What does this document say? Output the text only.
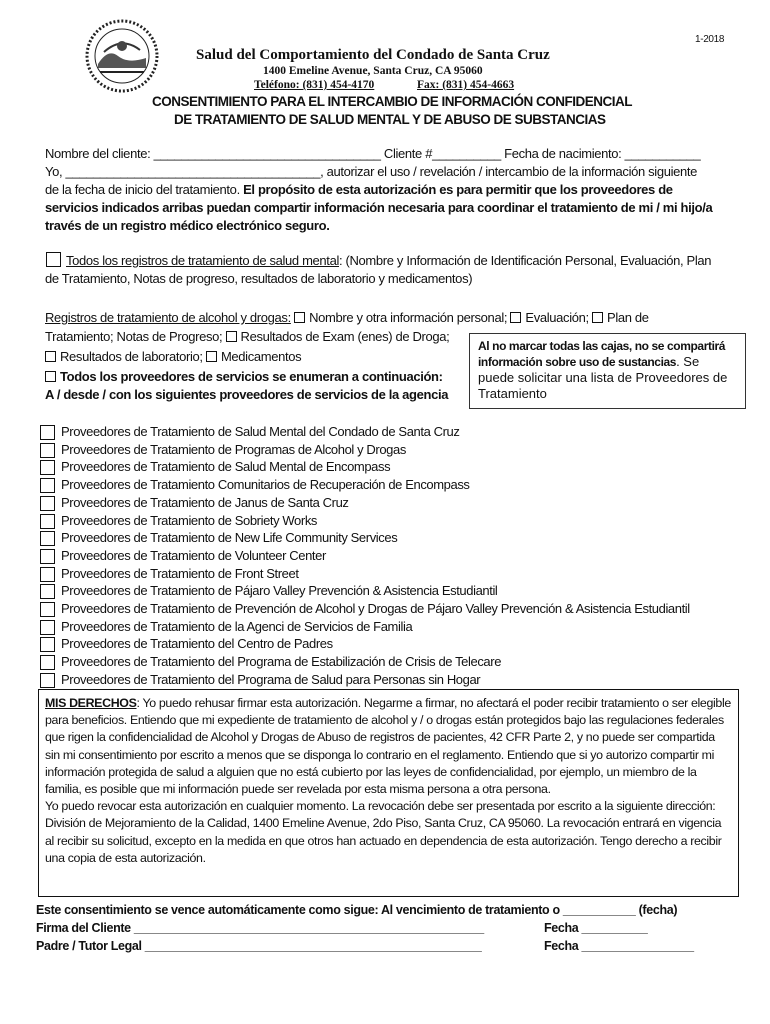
1-2018
Salud del Comportamiento del Condado de Santa Cruz
1400 Emeline Avenue, Santa Cruz, CA 95060
Teléfono: (831) 454-4170	Fax: (831) 454-4663
CONSENTIMIENTO PARA EL INTERCAMBIO DE INFORMACIÓN CONFIDENCIAL
DE TRATAMIENTO DE SALUD MENTAL Y DE ABUSO DE SUBSTANCIAS
Nombre del cliente: _________________________________ Cliente #__________ Fecha de nacimiento: ___________
Yo, _____________________________________, autorizar el uso / revelación / intercambio de la información siguiente
de la fecha de inicio del tratamiento. El propósito de esta autorización es para permitir que los proveedores de
servicios indicados arribas puedan compartir información necesaria para coordinar el tratamiento de mi / mi hijo/a
través de un registro médico electrónico seguro.
Todos los registros de tratamiento de salud mental: (Nombre y Información de Identificación Personal, Evaluación, Plan
de Tratamiento, Notas de progreso, resultados de laboratorio y medicamentos)
Registros de tratamiento de alcohol y drogas: Nombre y otra información personal; Evaluación; Plan de
Tratamiento; Notas de Progreso; Resultados de Exam (enes) de Droga;
Resultados de laboratorio; Medicamentos
Todos los proveedores de servicios se enumeran a continuación:
A / desde / con los siguientes proveedores de servicios de la agencia
Al no marcar todas las cajas, no se compartirá información sobre uso de sustancias. Se puede solicitar una lista de Proveedores de Tratamiento
Proveedores de Tratamiento de Salud Mental del Condado de Santa Cruz
Proveedores de Tratamiento de Programas de Alcohol y Drogas
Proveedores de Tratamiento de Salud Mental de Encompass
Proveedores de Tratamiento Comunitarios de Recuperación de Encompass
Proveedores de Tratamiento de Janus de Santa Cruz
Proveedores de Tratamiento de Sobriety Works
Proveedores de Tratamiento de New Life Community Services
Proveedores de Tratamiento de Volunteer Center
Proveedores de Tratamiento de Front Street
Proveedores de Tratamiento de Pájaro Valley Prevención & Asistencia Estudiantil
Proveedores de Tratamiento de Prevención de Alcohol y Drogas de Pájaro Valley Prevención & Asistencia Estudiantil
Proveedores de Tratamiento de la Agenci de Servicios de Familia
Proveedores de Tratamiento del Centro de Padres
Proveedores de Tratamiento del Programa de Estabilización de Crisis de Telecare
Proveedores de Tratamiento del Programa de Salud para Personas sin Hogar

MIS DERECHOS: Yo puedo rehusar firmar esta autorización. Negarme a firmar, no afectará el poder recibir tratamiento o ser elegible para beneficios. Entiendo que mi expediente de tratamiento de alcohol y / o drogas están protegidos bajo las regulaciones federales que rigen la confidencialidad de Alcohol y Drogas de Abuso de registros de pacientes, 42 CFR Parte 2, y no puede ser compartida sin mi consentimiento por escrito a menos que se disponga lo contrario en el reglamento. Entiendo que si yo autorizo compartir mi información protegida de salud a alguien que no está cubierto por las leyes de confidencialidad, por ejemplo, un miembro de la familia, es posible que mi información puede ser revelada por esta misma persona a otra persona.

Yo puedo revocar esta autorización en cualquier momento. La revocación debe ser presentada por escrito a la siguiente dirección: División de Mejoramiento de la Calidad, 1400 Emeline Avenue, 2do Piso, Santa Cruz, CA 95060. La revocación entrará en vigencia al recibir su solicitud, excepto en la medida en que otros han actuado en dependencia de esta autorización. Tengo derecho a recibir una copia de esta autorización.

Este consentimiento se vence automáticamente como sigue: Al vencimiento de tratamiento o ___________ (fecha)
Firma del Cliente _____________________________________________________	Fecha __________
Padre / Tutor Legal ___________________________________________________	Fecha _________________
